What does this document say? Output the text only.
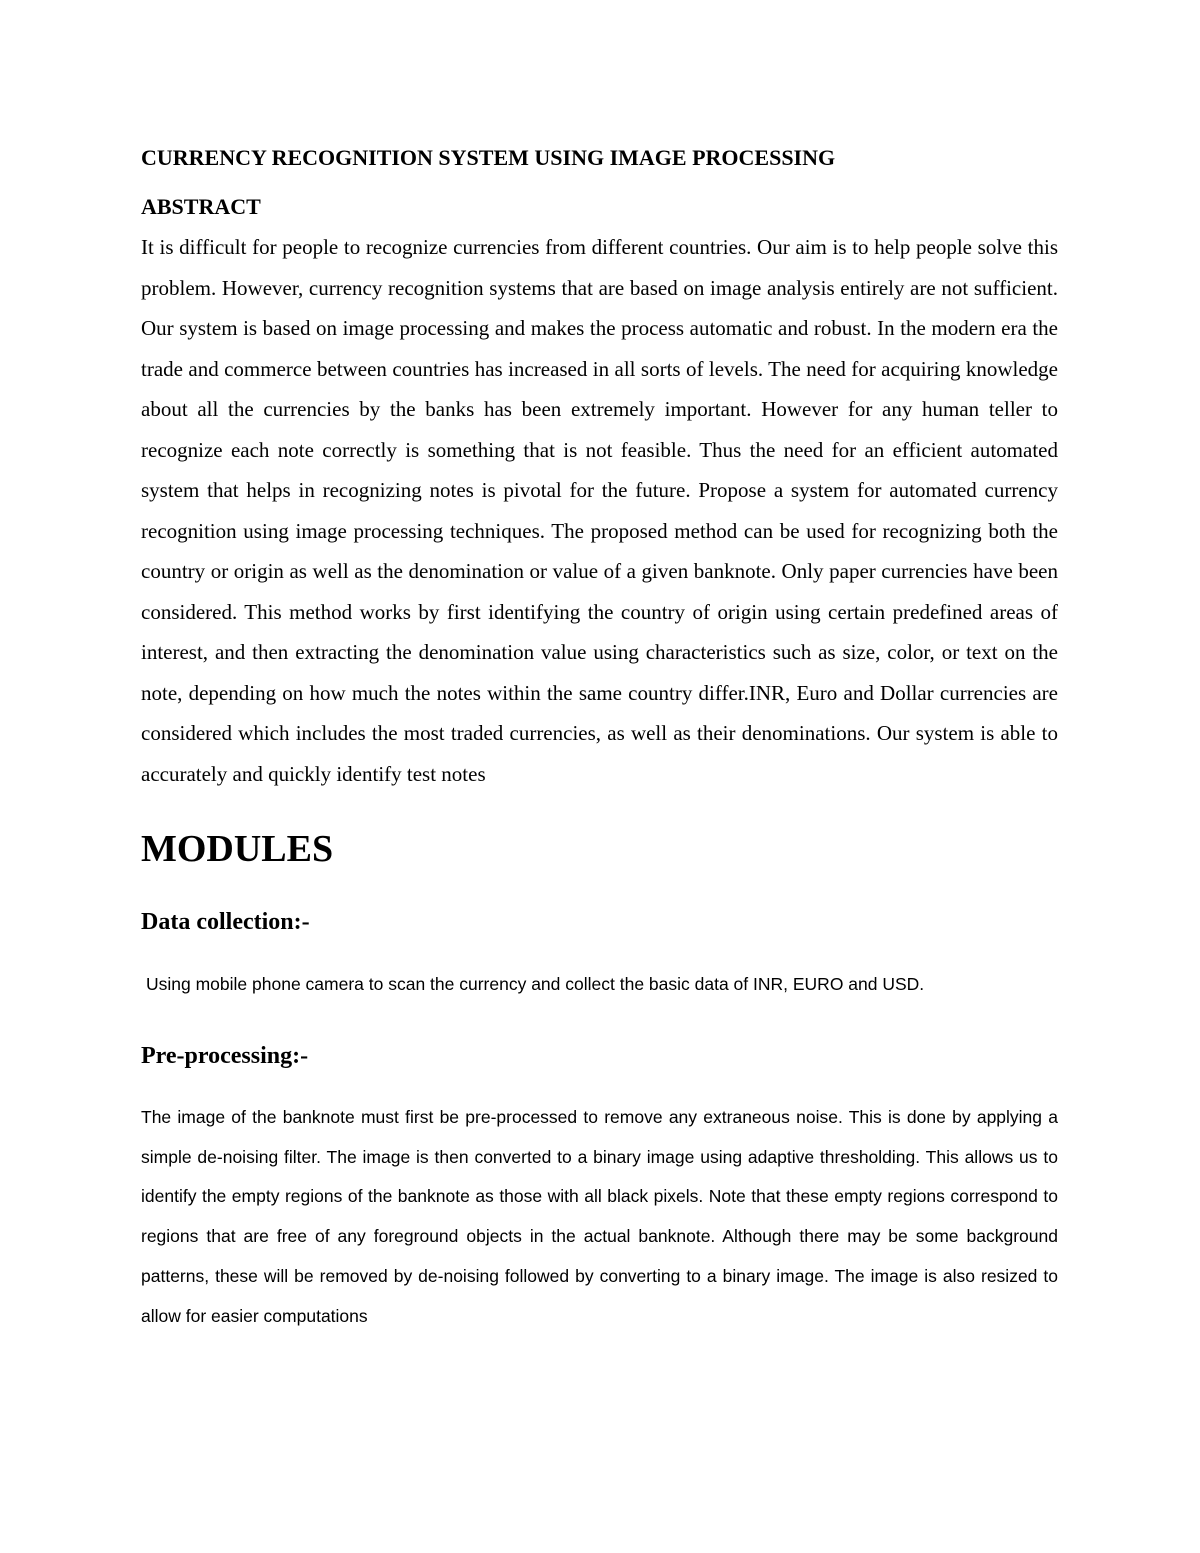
CURRENCY RECOGNITION SYSTEM USING IMAGE PROCESSING
ABSTRACT

It is difficult for people to recognize currencies from different countries. Our aim is to help people solve this problem. However, currency recognition systems that are based on image analysis entirely are not sufficient. Our system is based on image processing and makes the process automatic and robust. In the modern era the trade and commerce between countries has increased in all sorts of levels. The need for acquiring knowledge about all the currencies by the banks has been extremely important. However for any human teller to recognize each note correctly is something that is not feasible. Thus the need for an efficient automated system that helps in recognizing notes is pivotal for the future. Propose a system for automated currency recognition using image processing techniques. The proposed method can be used for recognizing both the country or origin as well as the denomination or value of a given banknote. Only paper currencies have been considered. This method works by first identifying the country of origin using certain predefined areas of interest, and then extracting the denomination value using characteristics such as size, color, or text on the note, depending on how much the notes within the same country differ.INR, Euro and Dollar currencies are considered which includes the most traded currencies, as well as their denominations. Our system is able to accurately and quickly identify test notes

MODULES
Data collection:-

Using mobile phone camera to scan the currency and collect the basic data of INR, EURO and USD.

Pre-processing:-

The image of the banknote must first be pre-processed to remove any extraneous noise. This is done by applying a simple de-noising filter. The image is then converted to a binary image using adaptive thresholding. This allows us to identify the empty regions of the banknote as those with all black pixels. Note that these empty regions correspond to regions that are free of any foreground objects in the actual banknote. Although there may be some background patterns, these will be removed by de-noising followed by converting to a binary image. The image is also resized to allow for easier computations
